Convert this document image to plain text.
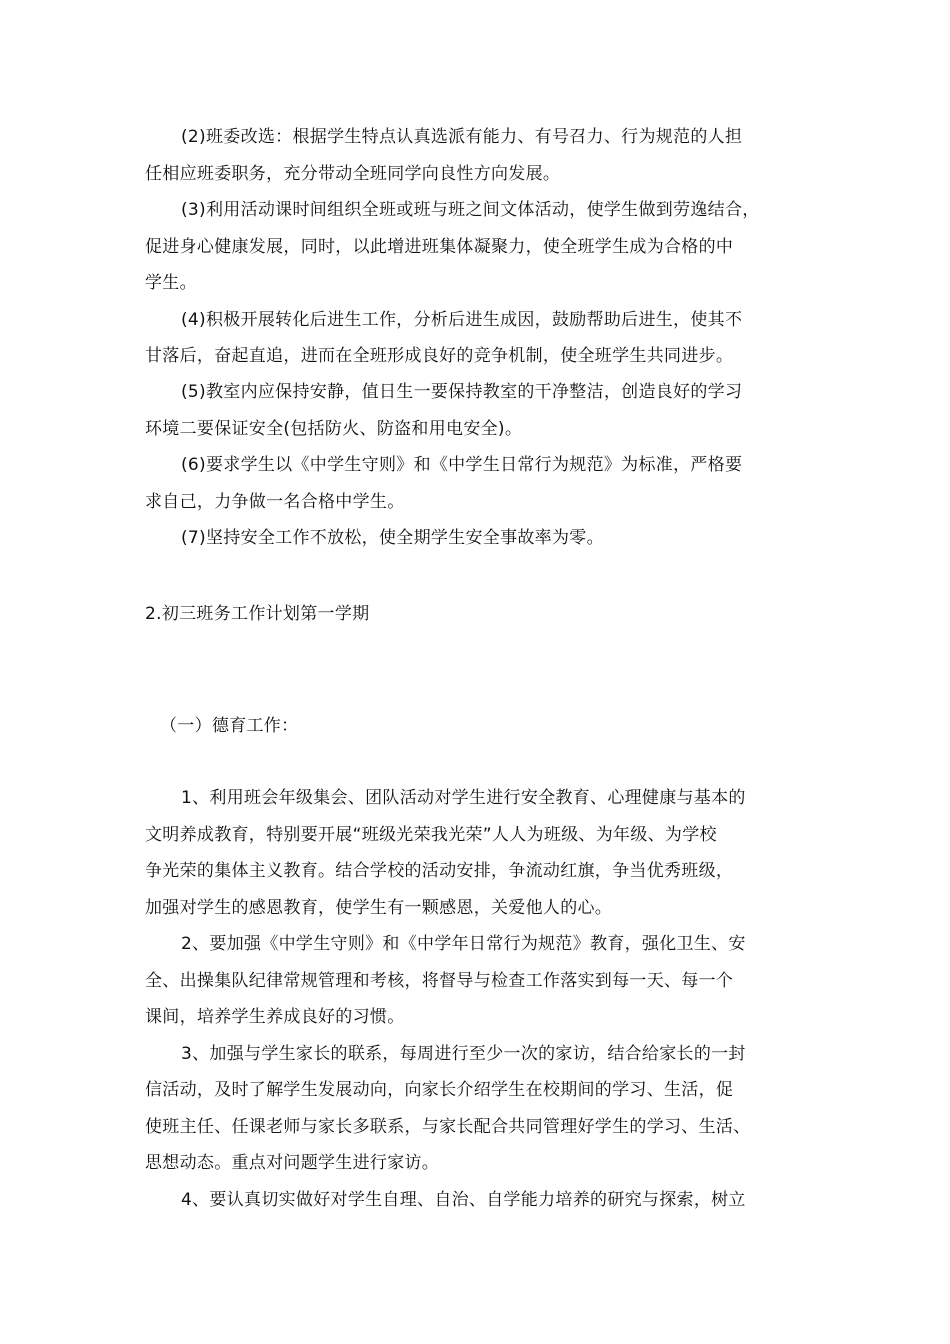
(2)班委改选：根据学生特点认真选派有能力、有号召力、行为规范的人担
任相应班委职务，充分带动全班同学向良性方向发展。
(3)利用活动课时间组织全班或班与班之间文体活动，使学生做到劳逸结合，
促进身心健康发展，同时，以此增进班集体凝聚力，使全班学生成为合格的中
学生。
(4)积极开展转化后进生工作，分析后进生成因，鼓励帮助后进生，使其不
甘落后，奋起直追，进而在全班形成良好的竞争机制，使全班学生共同进步。
(5)教室内应保持安静，值日生一要保持教室的干净整洁，创造良好的学习
环境二要保证安全(包括防火、防盗和用电安全)。
(6)要求学生以《中学生守则》和《中学生日常行为规范》为标准，严格要
求自己，力争做一名合格中学生。
(7)坚持安全工作不放松，使全期学生安全事故率为零。
2.初三班务工作计划第一学期
（一）德育工作：
1、利用班会年级集会、团队活动对学生进行安全教育、心理健康与基本的
文明养成教育，特别要开展“班级光荣我光荣”人人为班级、为年级、为学校
争光荣的集体主义教育。结合学校的活动安排，争流动红旗，争当优秀班级，
加强对学生的感恩教育，使学生有一颗感恩，关爱他人的心。
2、要加强《中学生守则》和《中学年日常行为规范》教育，强化卫生、安
全、出操集队纪律常规管理和考核，将督导与检查工作落实到每一天、每一个
课间，培养学生养成良好的习惯。
3、加强与学生家长的联系，每周进行至少一次的家访，结合给家长的一封
信活动，及时了解学生发展动向，向家长介绍学生在校期间的学习、生活，促
使班主任、任课老师与家长多联系，与家长配合共同管理好学生的学习、生活、
思想动态。重点对问题学生进行家访。
4、要认真切实做好对学生自理、自治、自学能力培养的研究与探索，树立
